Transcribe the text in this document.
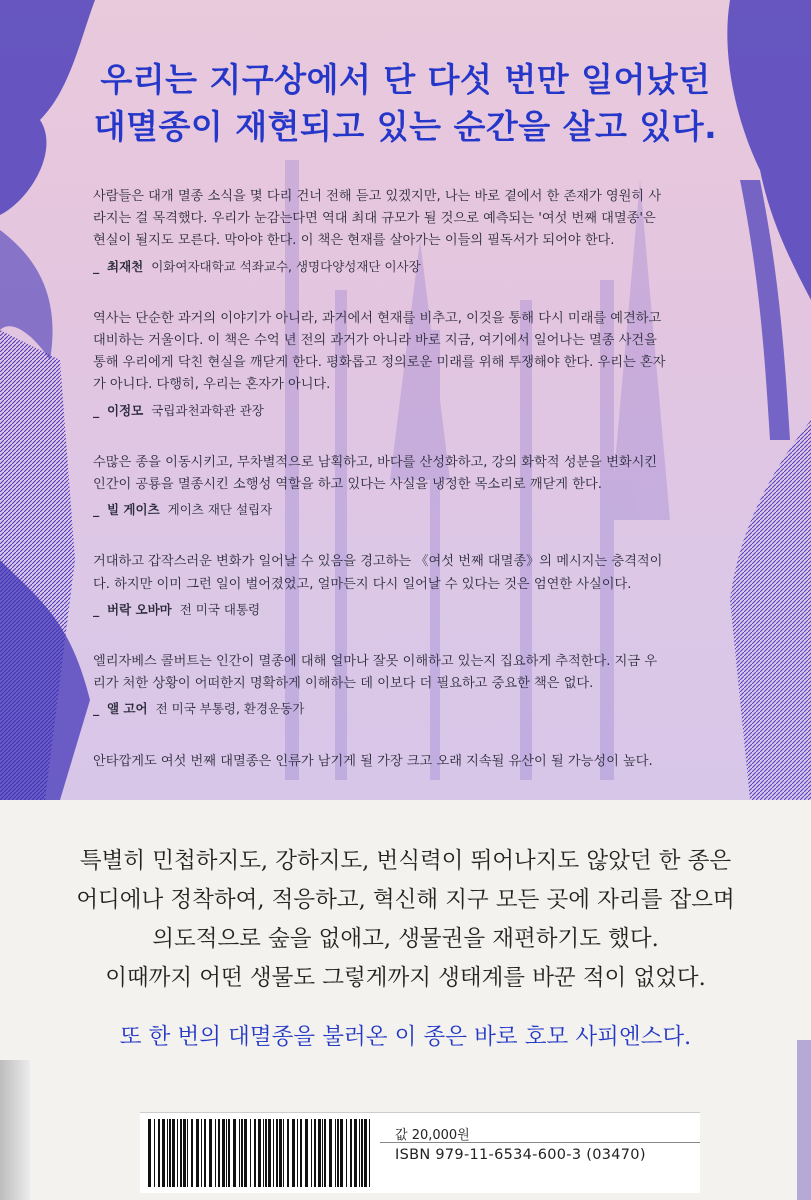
우리는 지구상에서 단 다섯 번만 일어났던
대멸종이 재현되고 있는 순간을 살고 있다.

사람들은 대개 멸종 소식을 몇 다리 건너 전해 듣고 있겠지만, 나는 바로 곁에서 한 존재가 영원히 사

라지는 걸 목격했다. 우리가 눈감는다면 역대 최대 규모가 될 것으로 예측되는 '여섯 번째 대멸종'은

현실이 될지도 모른다. 막아야 한다. 이 책은 현재를 살아가는 이들의 필독서가 되어야 한다.

_ 최재천 이화여자대학교 석좌교수, 생명다양성재단 이사장

역사는 단순한 과거의 이야기가 아니라, 과거에서 현재를 비추고, 이것을 통해 다시 미래를 예견하고

대비하는 거울이다. 이 책은 수억 년 전의 과거가 아니라 바로 지금, 여기에서 일어나는 멸종 사건을

통해 우리에게 닥친 현실을 깨닫게 한다. 평화롭고 정의로운 미래를 위해 투쟁해야 한다. 우리는 혼자

가 아니다. 다행히, 우리는 혼자가 아니다.

_ 이정모 국립과천과학관 관장

수많은 종을 이동시키고, 무차별적으로 남획하고, 바다를 산성화하고, 강의 화학적 성분을 변화시킨

인간이 공룡을 멸종시킨 소행성 역할을 하고 있다는 사실을 냉정한 목소리로 깨닫게 한다.

_ 빌 게이츠 게이츠 재단 설립자

거대하고 갑작스러운 변화가 일어날 수 있음을 경고하는 《여섯 번째 대멸종》의 메시지는 충격적이

다. 하지만 이미 그런 일이 벌어졌었고, 얼마든지 다시 일어날 수 있다는 것은 엄연한 사실이다.

_ 버락 오바마 전 미국 대통령

엘리자베스 콜버트는 인간이 멸종에 대해 얼마나 잘못 이해하고 있는지 집요하게 추적한다. 지금 우

리가 처한 상황이 어떠한지 명확하게 이해하는 데 이보다 더 필요하고 중요한 책은 없다.

_ 앨 고어 전 미국 부통령, 환경운동가

안타깝게도 여섯 번째 대멸종은 인류가 남기게 될 가장 크고 오래 지속될 유산이 될 가능성이 높다.

특별히 민첩하지도, 강하지도, 번식력이 뛰어나지도 않았던 한 종은
어디에나 정착하여, 적응하고, 혁신해 지구 모든 곳에 자리를 잡으며
의도적으로 숲을 없애고, 생물권을 재편하기도 했다.
이때까지 어떤 생물도 그렇게까지 생태계를 바꾼 적이 없었다.
또 한 번의 대멸종을 불러온 이 종은 바로 호모 사피엔스다.
값 20,000원
ISBN 979-11-6534-600-3 (03470)
